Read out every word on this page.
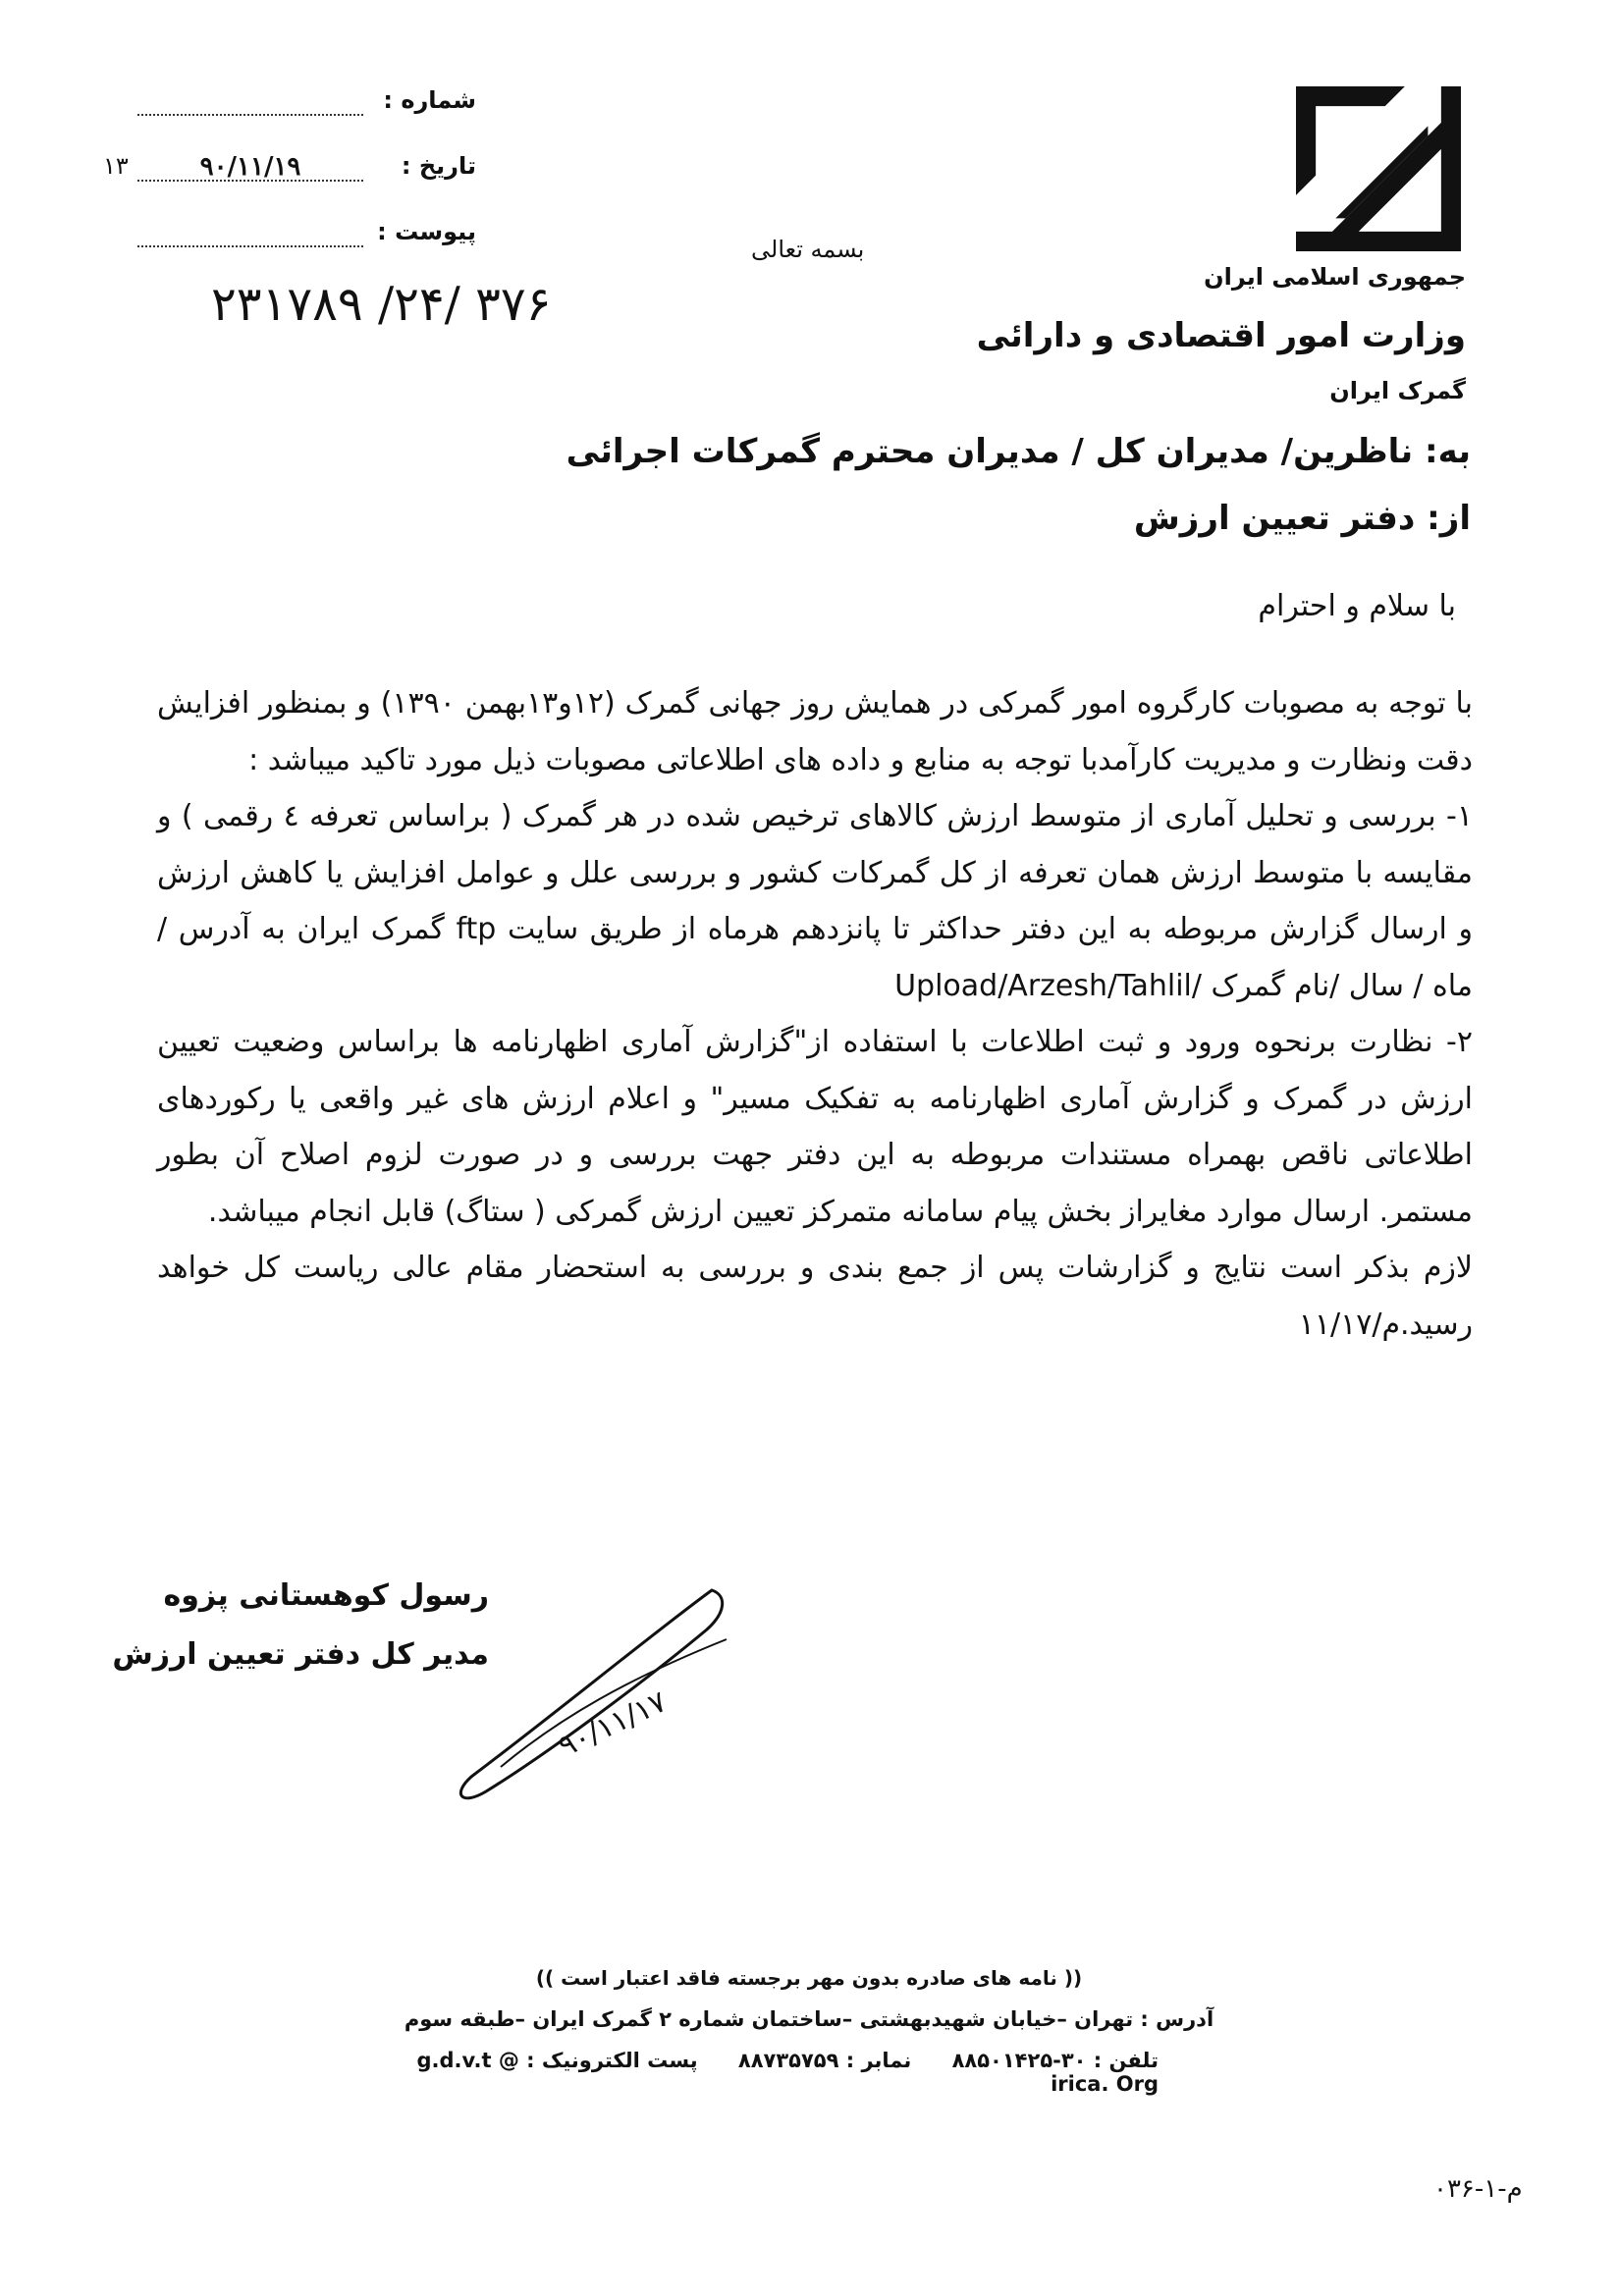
جمهوری اسلامی ایران
وزارت امور اقتصادی و دارائی
گمرک ایران
شماره :
تاریخ :
۹۰/۱۱/۱۹
۱۳
پیوست :
۲۳۱۷۸۹ /۲۴/ ۳۷۶
بسمه تعالی
به: ناظرین/ مدیران کل / مدیران محترم گمرکات اجرائی
از: دفتر تعیین ارزش
با سلام و احترام

با توجه به مصوبات کارگروه امور گمرکی در همایش روز جهانی گمرک (۱۲و۱۳بهمن ۱۳۹۰) و بمنظور افزایش دقت ونظارت و مدیریت کارآمدبا توجه به منابع و داده های اطلاعاتی مصوبات ذیل مورد تاکید میباشد :

۱- بررسی و تحلیل آماری از متوسط ارزش کالاهای ترخیص شده در هر گمرک ( براساس تعرفه ٤ رقمی ) و مقایسه با متوسط ارزش همان تعرفه از کل گمرکات کشور و بررسی علل و عوامل افزایش یا کاهش ارزش و ارسال گزارش مربوطه به این دفتر حداکثر تا پانزدهم هرماه از طریق سایت ftp گمرک ایران به آدرس / ماه / سال /نام گمرک /Upload/Arzesh/Tahlil

۲- نظارت برنحوه ورود و ثبت اطلاعات با استفاده از"گزارش آماری اظهارنامه ها براساس وضعیت تعیین ارزش در گمرک و گزارش آماری اظهارنامه به تفکیک مسیر" و اعلام ارزش های غیر واقعی یا رکوردهای اطلاعاتی ناقص بهمراه مستندات مربوطه به این دفتر جهت بررسی و در صورت لزوم اصلاح آن بطور مستمر. ارسال موارد مغایراز بخش پیام سامانه متمرکز تعیین ارزش گمرکی ( ستاگ) قابل انجام میباشد.

لازم بذکر است نتایج و گزارشات پس از جمع بندی و بررسی به استحضار مقام عالی ریاست کل خواهد رسید.م/۱۱/۱۷

رسول کوهستانی پزوه
مدیر کل دفتر تعیین ارزش
۹۰/۱۱/۱۷
(( نامه های صادره بدون مهر برجسته فاقد اعتبار است ))
آدرس : تهران –خیابان شهیدبهشتی –ساختمان شماره ۲ گمرک ایران –طبقه سوم
تلفن : ۳۰-۸۸۵۰۱۴۲۵ نمابر : ۸۸۷۳۵۷۵۹ پست الکترونیک : g.d.v.t @ irica. Org
م-۱-۰۳۶
